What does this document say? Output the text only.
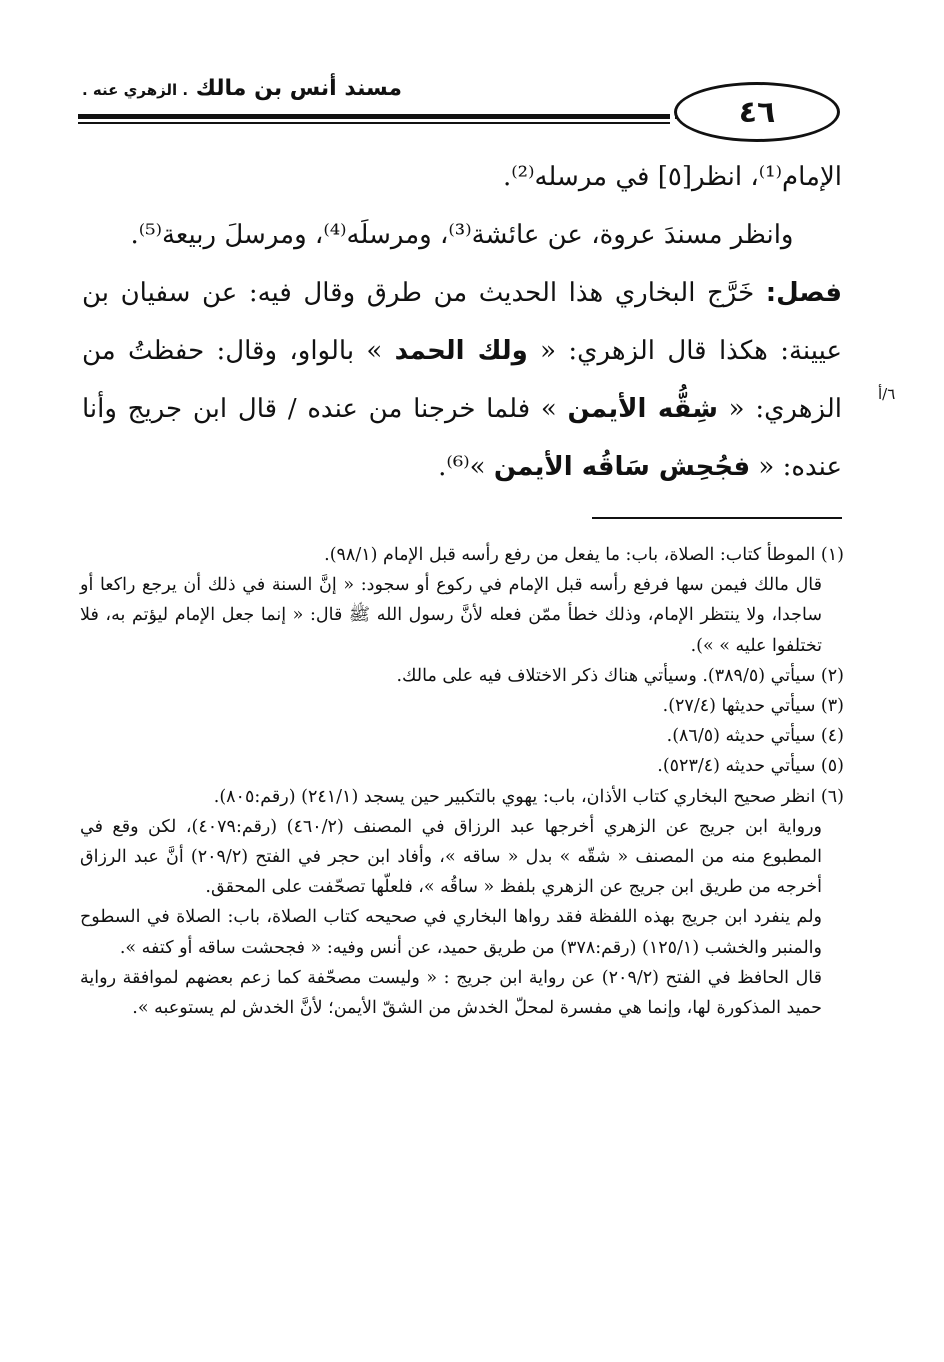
مسند أنس بن مالك . الزهري عنه .
٤٦
الإمام⁽¹⁾، انظر[٥] في مرسله⁽²⁾.
وانظر مسندَ عروة، عن عائشة⁽³⁾، ومرسلَه⁽⁴⁾، ومرسلَ ربيعة⁽⁵⁾.
فصل: خَرَّج البخاري هذا الحديث من طرق وقال فيه: عن سفيان بن عيينة: هكذا قال الزهري: « ولك الحمد » بالواو، وقال: حفظتُ من الزهري: « شِقُّه الأيمن » فلما خرجنا من عنده / قال ابن جريج وأنا عنده: « فجُحِش سَاقُه الأيمن »⁽⁶⁾.
٦/أ

(١) الموطأ كتاب: الصلاة، باب: ما يفعل من رفع رأسه قبل الإمام (٩٨/١).

قال مالك فيمن سها فرفع رأسه قبل الإمام في ركوع أو سجود: « إنَّ السنة في ذلك أن يرجع راكعا أو ساجدا، ولا ينتظر الإمام، وذلك خطأ ممّن فعله لأنَّ رسول الله ﷺ قال: « إنما جعل الإمام ليؤتم به، فلا تختلفوا عليه » »).

(٢) سيأتي (٣٨٩/٥). وسيأتي هناك ذكر الاختلاف فيه على مالك.

(٣) سيأتي حديثها (٢٧/٤).

(٤) سيأتي حديثه (٨٦/٥).

(٥) سيأتي حديثه (٥٢٣/٤).

(٦) انظر صحيح البخاري كتاب الأذان، باب: يهوي بالتكبير حين يسجد (٢٤١/١) (رقم:٨٠٥).

ورواية ابن جريج عن الزهري أخرجها عبد الرزاق في المصنف (٤٦٠/٢) (رقم:٤٠٧٩)، لكن وقع في المطبوع منه من المصنف « شقّه » بدل « ساقه »، وأفاد ابن حجر في الفتح (٢٠٩/٢) أنَّ عبد الرزاق أخرجه من طريق ابن جريج عن الزهري بلفظ « ساقُه »، فلعلّها تصحّفت على المحقق.

ولم ينفرد ابن جريج بهذه اللفظة فقد رواها البخاري في صحيحه كتاب الصلاة، باب: الصلاة في السطوح والمنبر والخشب (١٢٥/١) (رقم:٣٧٨) من طريق حميد، عن أنس وفيه: « فجحشت ساقه أو كتفه ».

قال الحافظ في الفتح (٢٠٩/٢) عن رواية ابن جريج : « وليست مصحّفة كما زعم بعضهم لموافقة رواية حميد المذكورة لها، وإنما هي مفسرة لمحلّ الخدش من الشقّ الأيمن؛ لأنَّ الخدش لم يستوعبه ».
